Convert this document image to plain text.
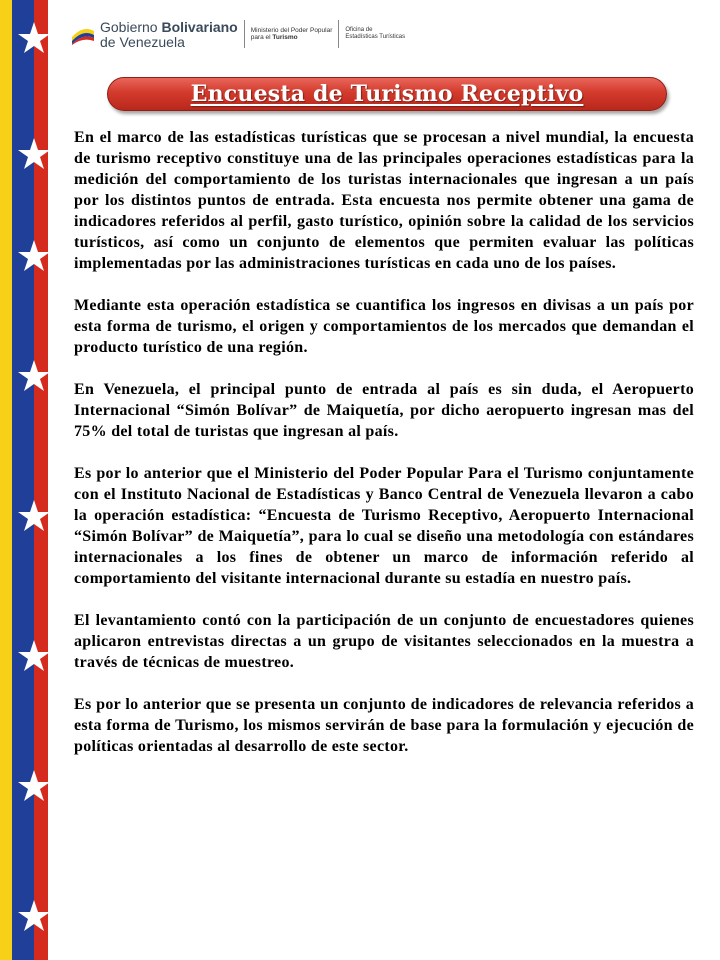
Gobierno Bolivariano
de Venezuela
Ministerio del Poder Popular
para el Turismo
Oficina de
Estadísticas Turísticas
Encuesta de Turismo Receptivo

En el marco de las estadísticas turísticas que se procesan a nivel mundial, la encuesta de turismo receptivo constituye una de las principales operaciones estadísticas para la medición del comportamiento de los turistas internacionales que ingresan a un país por los distintos puntos de entrada. Esta encuesta nos permite obtener una gama de indicadores referidos al perfil, gasto turístico, opinión sobre la calidad de los servicios turísticos, así como un conjunto de elementos que permiten evaluar las políticas implementadas por las administraciones turísticas en cada uno de los países.

Mediante esta operación estadística se cuantifica los ingresos en divisas a un país por esta forma de turismo, el origen y comportamientos de los mercados que demandan el producto turístico de una región.

En Venezuela, el principal punto de entrada al país es sin duda, el Aeropuerto Internacional “Simón Bolívar” de Maiquetía, por dicho aeropuerto ingresan mas del 75% del total de turistas que ingresan al país.

Es por lo anterior que el Ministerio del Poder Popular Para el Turismo conjuntamente con el Instituto Nacional de Estadísticas y Banco Central de Venezuela llevaron a cabo la operación estadística: “Encuesta de Turismo Receptivo, Aeropuerto Internacional “Simón Bolívar” de Maiquetía”, para lo cual se diseño una metodología con estándares internacionales a los fines de obtener un marco de información referido al comportamiento del visitante internacional durante su estadía en nuestro país.

El levantamiento contó con la participación de un conjunto de encuestadores quienes aplicaron entrevistas directas a un grupo de visitantes seleccionados en la muestra a través de técnicas de muestreo.

Es por lo anterior que se presenta un conjunto de indicadores de relevancia referidos a esta forma de Turismo, los mismos servirán de base para la formulación y ejecución de políticas orientadas al desarrollo de este sector.
